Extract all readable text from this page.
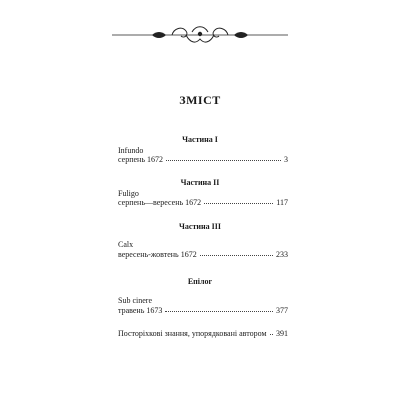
ЗМІСТ
Частина I
Infundo
серпень 1672	3
Частина II
Fuligo
серпень—вересень 1672	117
Частина III
Calx
вересень-жовтень 1672	233
Епілог
Sub cinere
травень 1673	377
Посторіхкові знання, упорядковані автором 391
